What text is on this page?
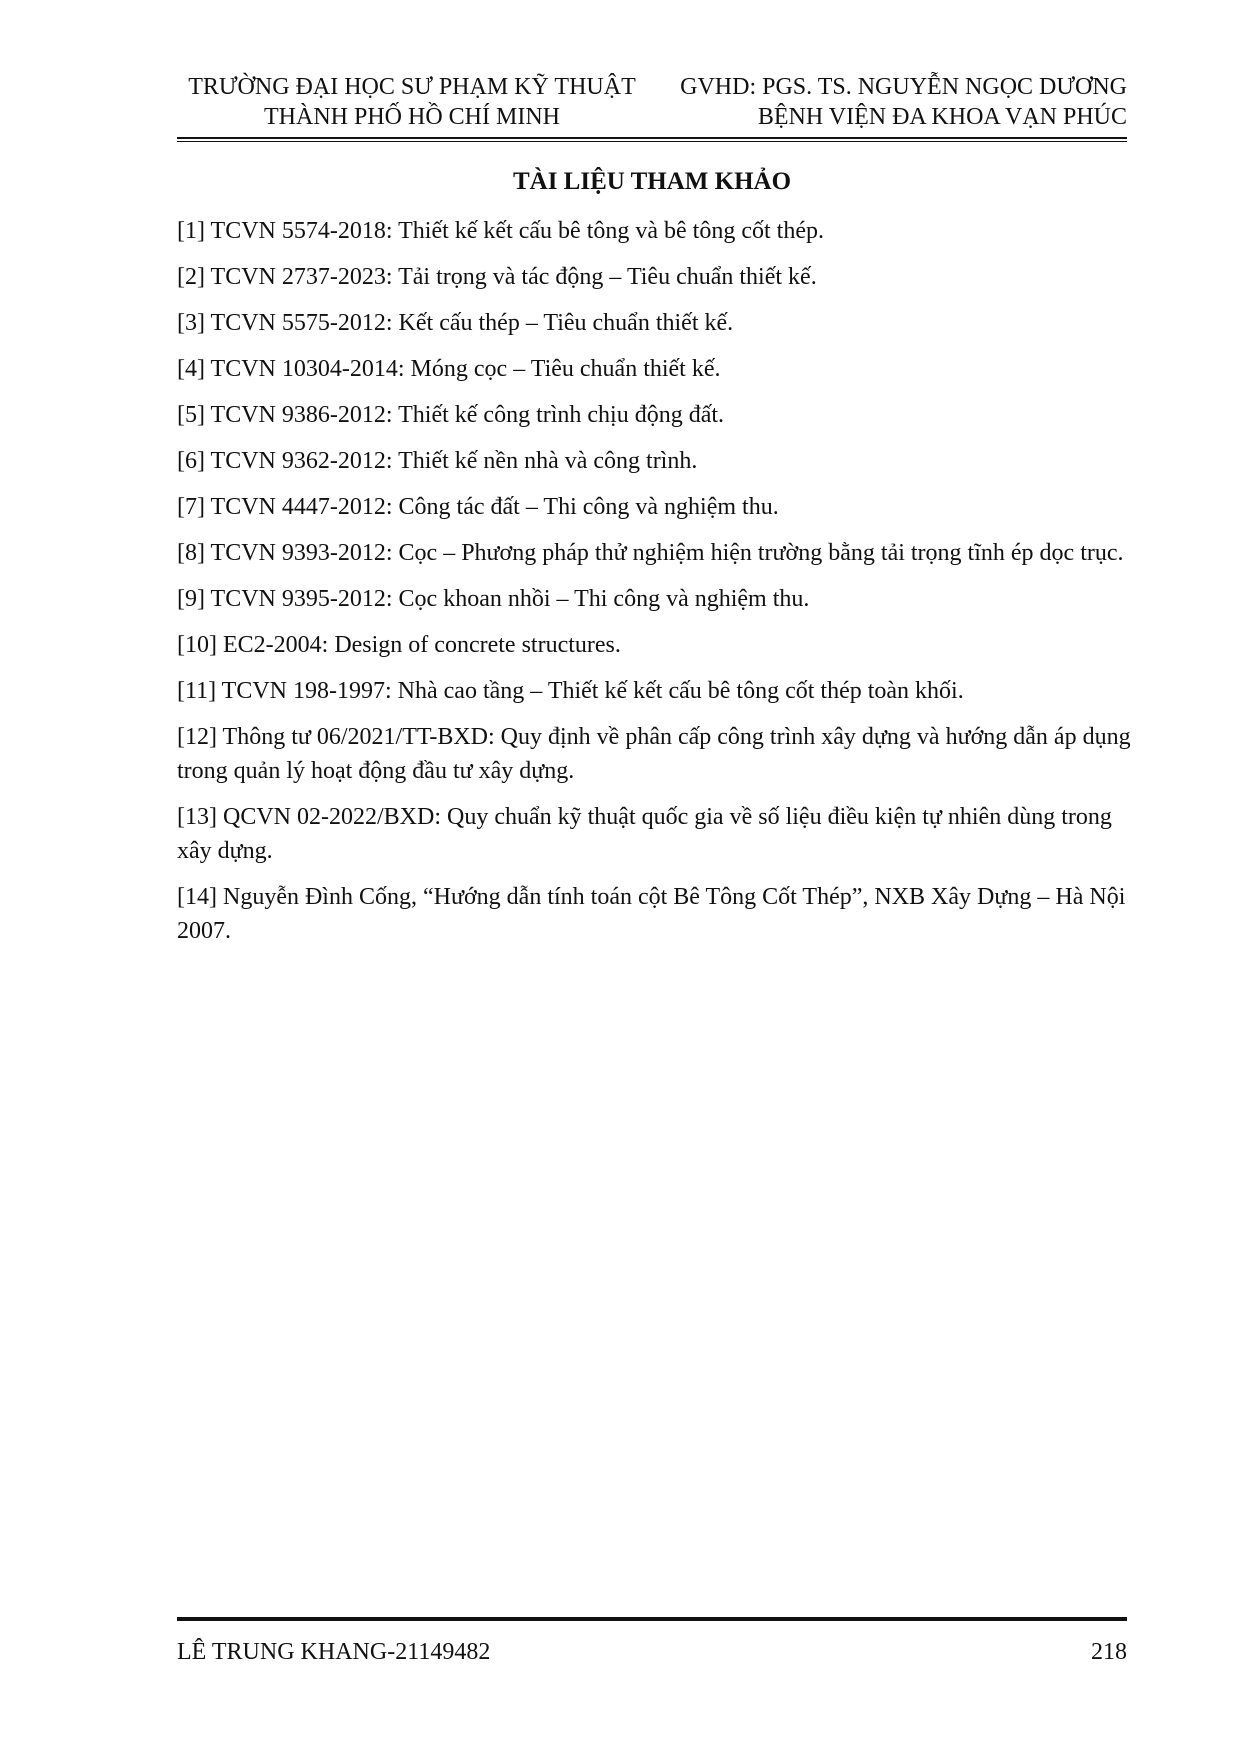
TRƯỜNG ĐẠI HỌC SƯ PHẠM KỸ THUẬT	GVHD: PGS. TS. NGUYỄN NGỌC DƯƠNG
THÀNH PHỐ HỒ CHÍ MINH	BỆNH VIỆN ĐA KHOA VẠN PHÚC
TÀI LIỆU THAM KHẢO

[1] TCVN 5574-2018: Thiết kế kết cấu bê tông và bê tông cốt thép.

[2] TCVN 2737-2023: Tải trọng và tác động – Tiêu chuẩn thiết kế.

[3] TCVN 5575-2012: Kết cấu thép – Tiêu chuẩn thiết kế.

[4] TCVN 10304-2014: Móng cọc – Tiêu chuẩn thiết kế.

[5] TCVN 9386-2012: Thiết kế công trình chịu động đất.

[6] TCVN 9362-2012: Thiết kế nền nhà và công trình.

[7] TCVN 4447-2012: Công tác đất – Thi công và nghiệm thu.

[8] TCVN 9393-2012: Cọc – Phương pháp thử nghiệm hiện trường bằng tải trọng tĩnh ép dọc trục.

[9] TCVN 9395-2012: Cọc khoan nhồi – Thi công và nghiệm thu.

[10] EC2-2004: Design of concrete structures.

[11] TCVN 198-1997: Nhà cao tầng – Thiết kế kết cấu bê tông cốt thép toàn khối.

[12] Thông tư 06/2021/TT-BXD: Quy định về phân cấp công trình xây dựng và hướng dẫn áp dụng trong quản lý hoạt động đầu tư xây dựng.

[13] QCVN 02-2022/BXD: Quy chuẩn kỹ thuật quốc gia về số liệu điều kiện tự nhiên dùng trong xây dựng.

[14] Nguyễn Đình Cống, “Hướng dẫn tính toán cột Bê Tông Cốt Thép”, NXB Xây Dựng – Hà Nội 2007.

LÊ TRUNG KHANG-21149482	218
